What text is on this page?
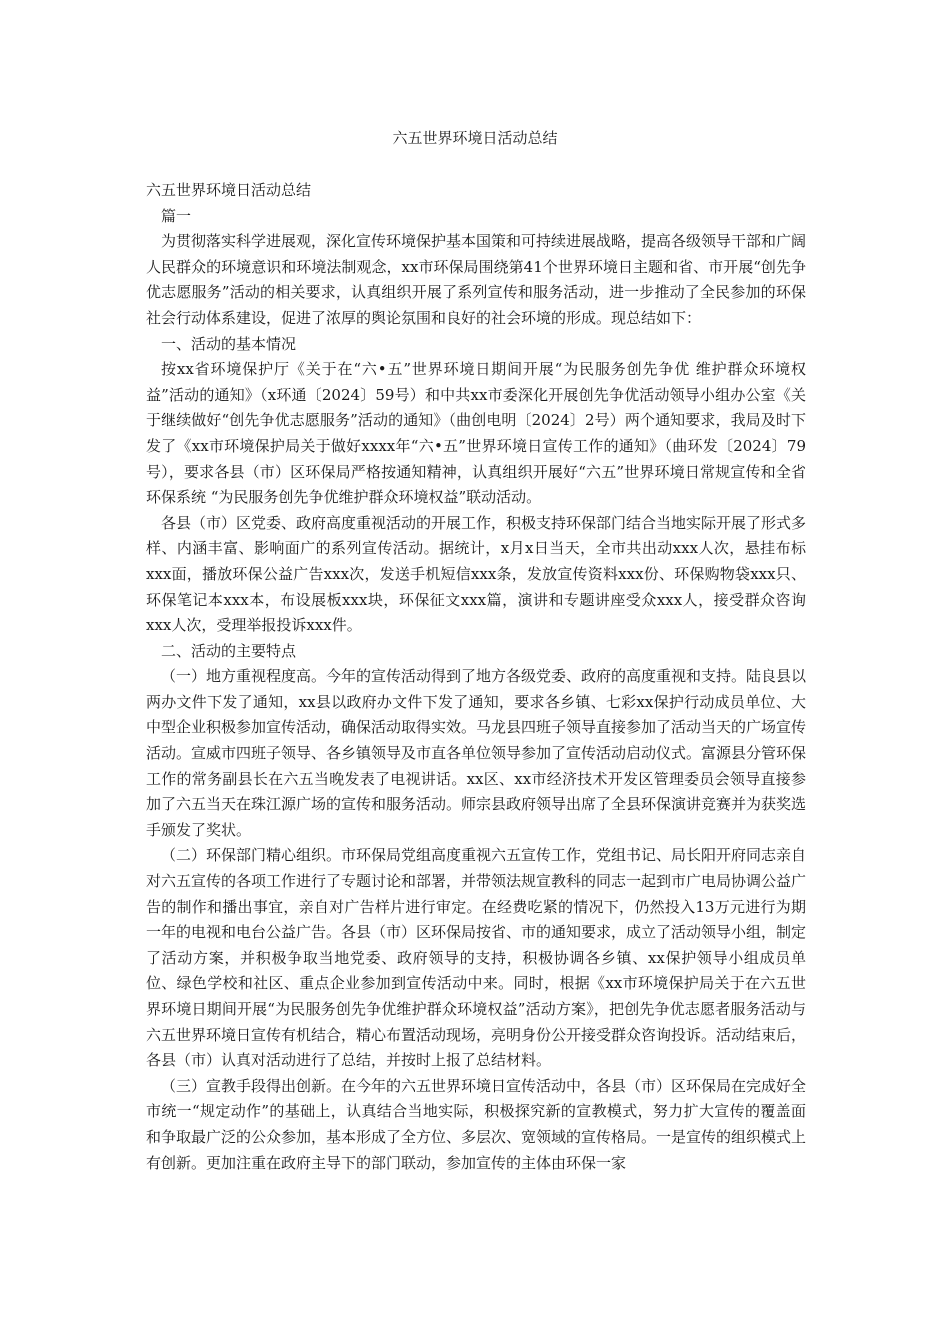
六五世界环境日活动总结

六五世界环境日活动总结

篇一

为贯彻落实科学进展观，深化宣传环境保护基本国策和可持续进展战略，提高各级领导干部和广阔人民群众的环境意识和环境法制观念，xx市环保局围绕第41个世界环境日主题和省、市开展“创先争优志愿服务”活动的相关要求，认真组织开展了系列宣传和服务活动，进一步推动了全民参加的环保社会行动体系建设，促进了浓厚的舆论氛围和良好的社会环境的形成。现总结如下：

一、活动的基本情况

按xx省环境保护厅《关于在“六•五”世界环境日期间开展“为民服务创先争优 维护群众环境权益”活动的通知》（x环通〔2024〕59号）和中共xx市委深化开展创先争优活动领导小组办公室《关于继续做好“创先争优志愿服务”活动的通知》（曲创电明〔2024〕2号）两个通知要求，我局及时下发了《xx市环境保护局关于做好xxxx年“六•五”世界环境日宣传工作的通知》（曲环发〔2024〕79号），要求各县（市）区环保局严格按通知精神，认真组织开展好“六五”世界环境日常规宣传和全省环保系统 “为民服务创先争优维护群众环境权益”联动活动。

各县（市）区党委、政府高度重视活动的开展工作，积极支持环保部门结合当地实际开展了形式多样、内涵丰富、影响面广的系列宣传活动。据统计，x月x日当天，全市共出动xxx人次，悬挂布标xxx面，播放环保公益广告xxx次，发送手机短信xxx条，发放宣传资料xxx份、环保购物袋xxx只、环保笔记本xxx本，布设展板xxx块，环保征文xxx篇，演讲和专题讲座受众xxx人，接受群众咨询xxx人次，受理举报投诉xxx件。

二、活动的主要特点

（一）地方重视程度高。今年的宣传活动得到了地方各级党委、政府的高度重视和支持。陆良县以两办文件下发了通知，xx县以政府办文件下发了通知，要求各乡镇、七彩xx保护行动成员单位、大中型企业积极参加宣传活动，确保活动取得实效。马龙县四班子领导直接参加了活动当天的广场宣传活动。宣威市四班子领导、各乡镇领导及市直各单位领导参加了宣传活动启动仪式。富源县分管环保工作的常务副县长在六五当晚发表了电视讲话。xx区、xx市经济技术开发区管理委员会领导直接参加了六五当天在珠江源广场的宣传和服务活动。师宗县政府领导出席了全县环保演讲竞赛并为获奖选手颁发了奖状。

（二）环保部门精心组织。市环保局党组高度重视六五宣传工作，党组书记、局长阳开府同志亲自对六五宣传的各项工作进行了专题讨论和部署，并带领法规宣教科的同志一起到市广电局协调公益广告的制作和播出事宜，亲自对广告样片进行审定。在经费吃紧的情况下，仍然投入13万元进行为期一年的电视和电台公益广告。各县（市）区环保局按省、市的通知要求，成立了活动领导小组，制定了活动方案，并积极争取当地党委、政府领导的支持，积极协调各乡镇、xx保护领导小组成员单位、绿色学校和社区、重点企业参加到宣传活动中来。同时，根据《xx市环境保护局关于在六五世界环境日期间开展“为民服务创先争优维护群众环境权益”活动方案》，把创先争优志愿者服务活动与六五世界环境日宣传有机结合，精心布置活动现场，亮明身份公开接受群众咨询投诉。活动结束后，各县（市）认真对活动进行了总结，并按时上报了总结材料。

（三）宣教手段得出创新。在今年的六五世界环境日宣传活动中，各县（市）区环保局在完成好全市统一“规定动作”的基础上，认真结合当地实际，积极探究新的宣教模式，努力扩大宣传的覆盖面和争取最广泛的公众参加，基本形成了全方位、多层次、宽领域的宣传格局。一是宣传的组织模式上有创新。更加注重在政府主导下的部门联动，参加宣传的主体由环保一家
